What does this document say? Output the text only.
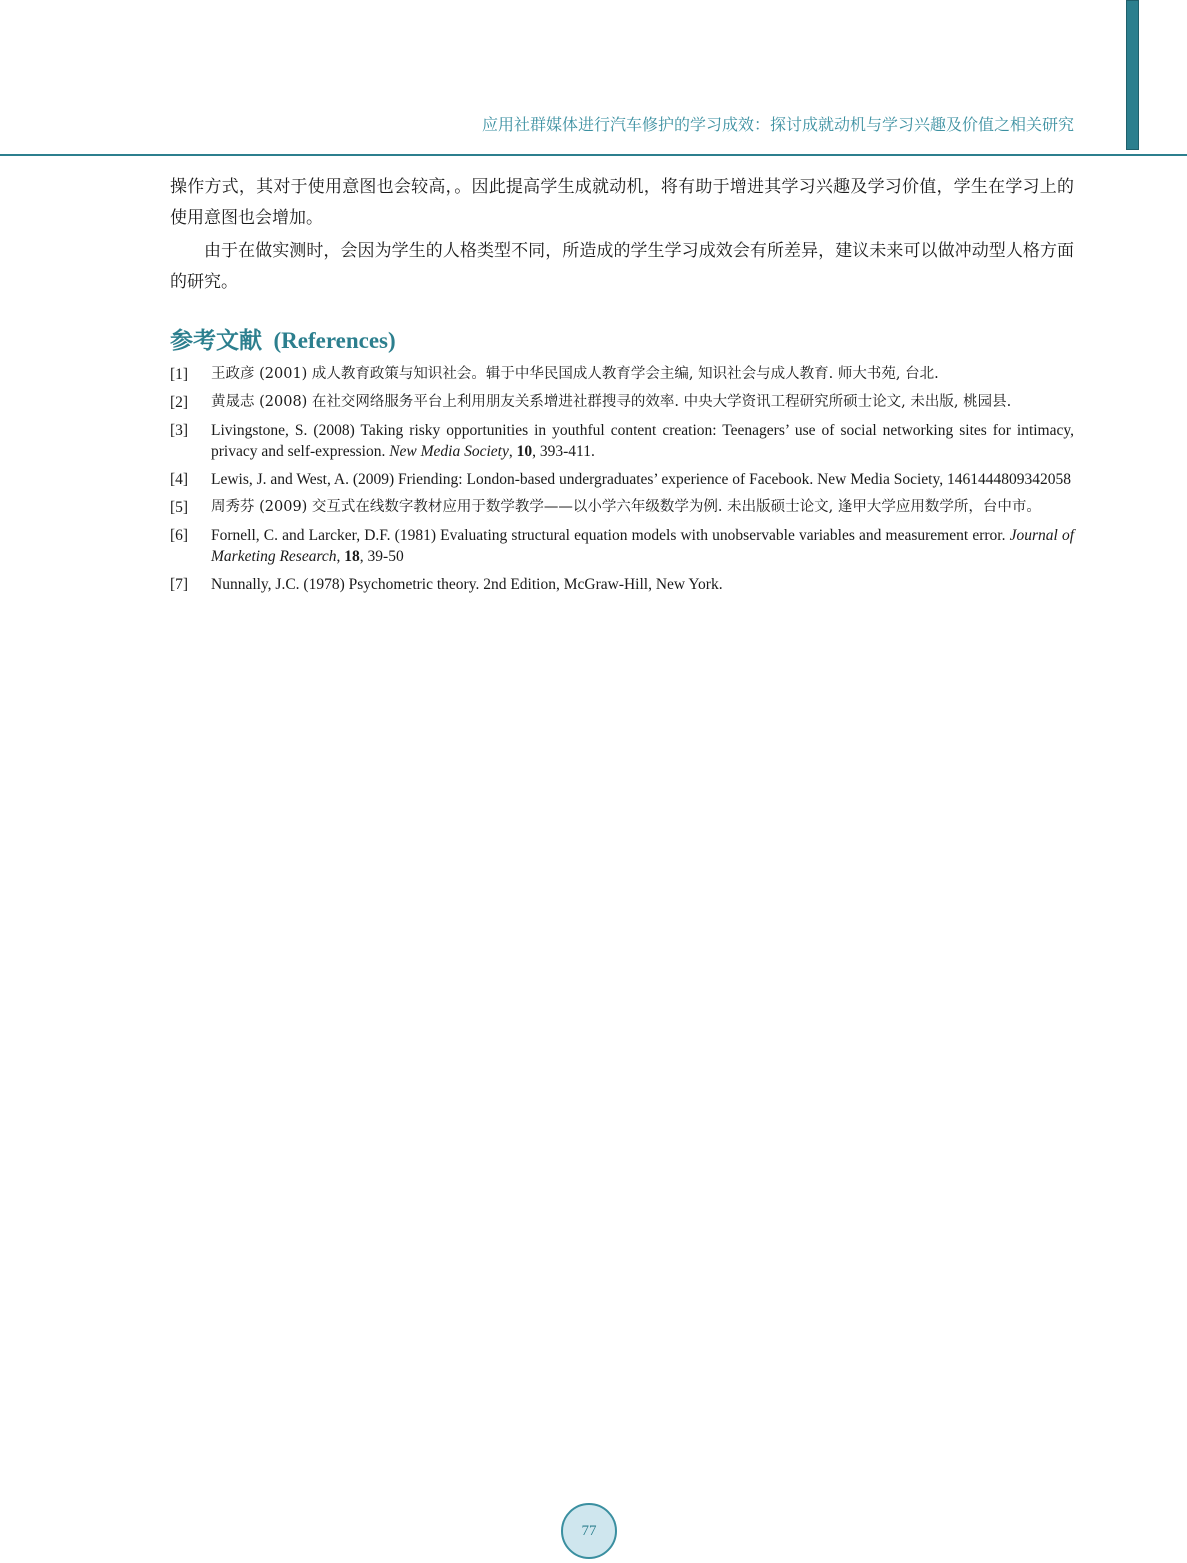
应用社群媒体进行汽车修护的学习成效：探讨成就动机与学习兴趣及价值之相关研究

操作方式，其对于使用意图也会较高，。因此提高学生成就动机，将有助于增进其学习兴趣及学习价值，学生在学习上的使用意图也会增加。

由于在做实测时，会因为学生的人格类型不同，所造成的学生学习成效会有所差异，建议未来可以做冲动型人格方面的研究。

参考文献 (References)
[1]	王政彦 (2001) 成人教育政策与知识社会。辑于中华民国成人教育学会主编, 知识社会与成人教育. 师大书苑, 台北.
[2]	黄晟志 (2008) 在社交网络服务平台上利用朋友关系增进社群搜寻的效率. 中央大学资讯工程研究所硕士论文, 未出版, 桃园县.
[3]	Livingstone, S. (2008) Taking risky opportunities in youthful content creation: Teenagers’ use of social networking sites for intimacy, privacy and self-expression. New Media Society, 10, 393-411.
[4]	Lewis, J. and West, A. (2009) Friending: London-based undergraduates’ experience of Facebook. New Media Society, 1461444809342058
[5]	周秀芬 (2009) 交互式在线数字教材应用于数学教学——以小学六年级数学为例. 未出版硕士论文, 逢甲大学应用数学所，台中市。
[6]	Fornell, C. and Larcker, D.F. (1981) Evaluating structural equation models with unobservable variables and measurement error. Journal of Marketing Research, 18, 39-50
[7]	Nunnally, J.C. (1978) Psychometric theory. 2nd Edition, McGraw-Hill, New York.
77
